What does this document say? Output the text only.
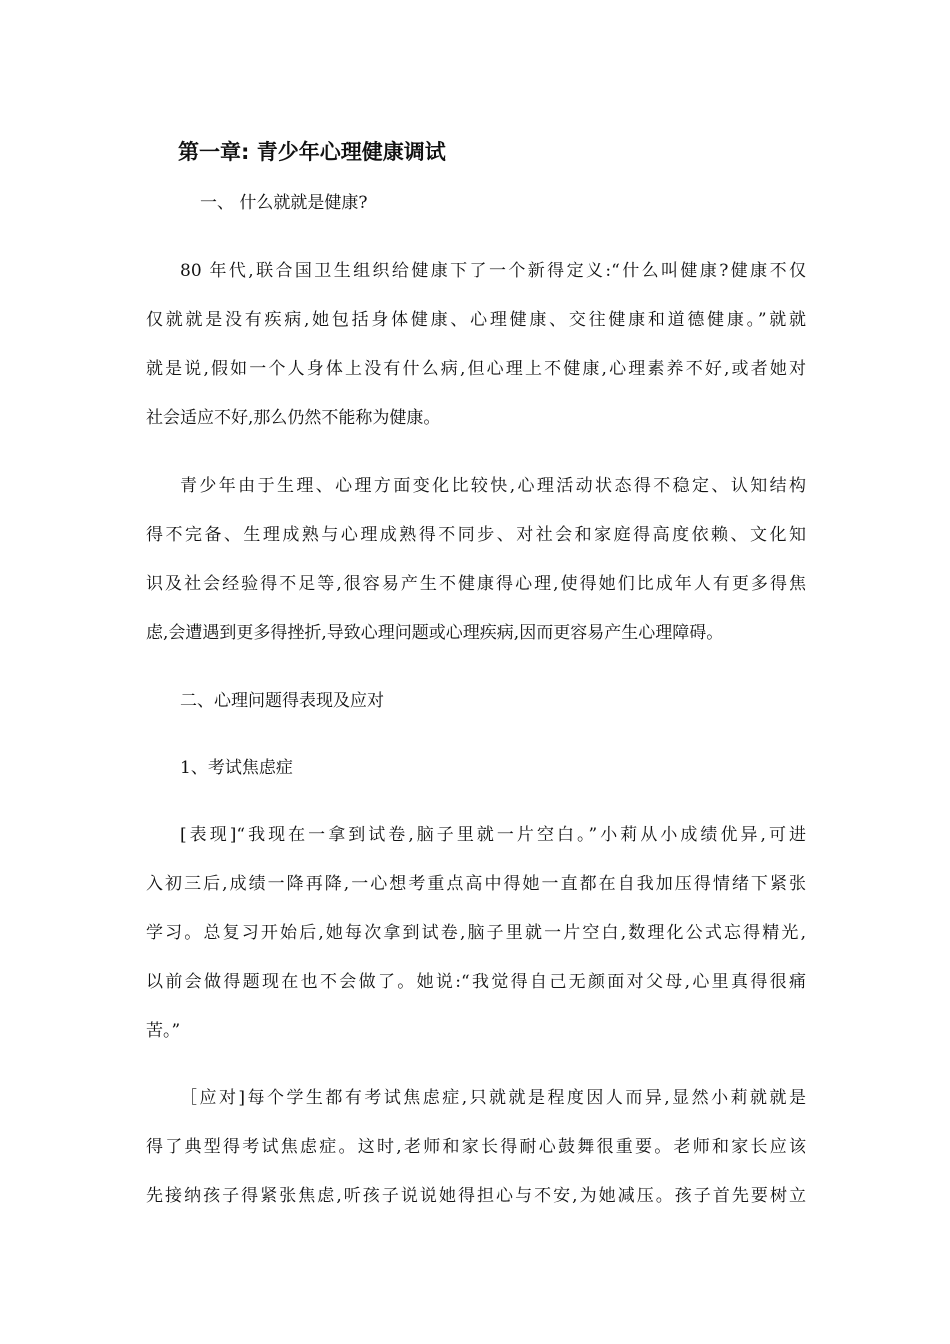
第一章: 青少年心理健康调试

一、 什么就就是健康?

80 年代,联合国卫生组织给健康下了一个新得定义:“什么叫健康?健康不仅

仅就就是没有疾病,她包括身体健康、心理健康、交往健康和道德健康。”就就

就是说,假如一个人身体上没有什么病,但心理上不健康,心理素养不好,或者她对

社会适应不好,那么仍然不能称为健康。

青少年由于生理、心理方面变化比较快,心理活动状态得不稳定、认知结构

得不完备、生理成熟与心理成熟得不同步、对社会和家庭得高度依赖、文化知

识及社会经验得不足等,很容易产生不健康得心理,使得她们比成年人有更多得焦

虑,会遭遇到更多得挫折,导致心理问题或心理疾病,因而更容易产生心理障碍。

二、心理问题得表现及应对

1、考试焦虑症

[表现]“我现在一拿到试卷,脑子里就一片空白。”小莉从小成绩优异,可进

入初三后,成绩一降再降,一心想考重点高中得她一直都在自我加压得情绪下紧张

学习。总复习开始后,她每次拿到试卷,脑子里就一片空白,数理化公式忘得精光,

以前会做得题现在也不会做了。她说:“我觉得自己无颜面对父母,心里真得很痛

苦。”

［应对]每个学生都有考试焦虑症,只就就是程度因人而异,显然小莉就就是

得了典型得考试焦虑症。这时,老师和家长得耐心鼓舞很重要。老师和家长应该

先接纳孩子得紧张焦虑,听孩子说说她得担心与不安,为她减压。孩子首先要树立
